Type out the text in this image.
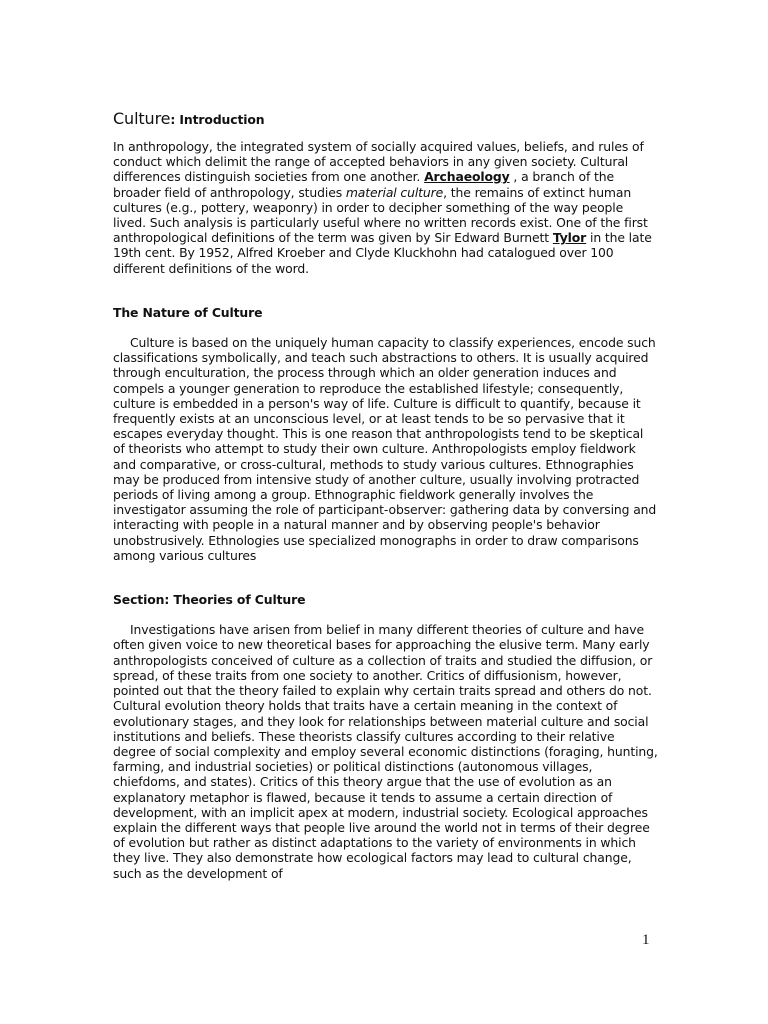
Culture: Introduction
In anthropology, the integrated system of socially acquired values, beliefs, and rules of conduct which delimit the range of accepted behaviors in any given society. Cultural differences distinguish societies from one another. Archaeology , a branch of the broader field of anthropology, studies material culture, the remains of extinct human cultures (e.g., pottery, weaponry) in order to decipher something of the way people lived. Such analysis is particularly useful where no written records exist. One of the first anthropological definitions of the term was given by Sir Edward Burnett Tylor in the late 19th cent. By 1952, Alfred Kroeber and Clyde Kluckhohn had catalogued over 100 different definitions of the word.
The Nature of Culture
Culture is based on the uniquely human capacity to classify experiences, encode such classifications symbolically, and teach such abstractions to others. It is usually acquired through enculturation, the process through which an older generation induces and compels a younger generation to reproduce the established lifestyle; consequently, culture is embedded in a person's way of life. Culture is difficult to quantify, because it frequently exists at an unconscious level, or at least tends to be so pervasive that it escapes everyday thought. This is one reason that anthropologists tend to be skeptical of theorists who attempt to study their own culture. Anthropologists employ fieldwork and comparative, or cross-cultural, methods to study various cultures. Ethnographies may be produced from intensive study of another culture, usually involving protracted periods of living among a group. Ethnographic fieldwork generally involves the investigator assuming the role of participant-observer: gathering data by conversing and interacting with people in a natural manner and by observing people's behavior unobstrusively. Ethnologies use specialized monographs in order to draw comparisons among various cultures
Section: Theories of Culture
Investigations have arisen from belief in many different theories of culture and have often given voice to new theoretical bases for approaching the elusive term. Many early anthropologists conceived of culture as a collection of traits and studied the diffusion, or spread, of these traits from one society to another. Critics of diffusionism, however, pointed out that the theory failed to explain why certain traits spread and others do not. Cultural evolution theory holds that traits have a certain meaning in the context of evolutionary stages, and they look for relationships between material culture and social institutions and beliefs. These theorists classify cultures according to their relative degree of social complexity and employ several economic distinctions (foraging, hunting, farming, and industrial societies) or political distinctions (autonomous villages, chiefdoms, and states). Critics of this theory argue that the use of evolution as an explanatory metaphor is flawed, because it tends to assume a certain direction of development, with an implicit apex at modern, industrial society. Ecological approaches explain the different ways that people live around the world not in terms of their degree of evolution but rather as distinct adaptations to the variety of environments in which they live. They also demonstrate how ecological factors may lead to cultural change, such as the development of
1
